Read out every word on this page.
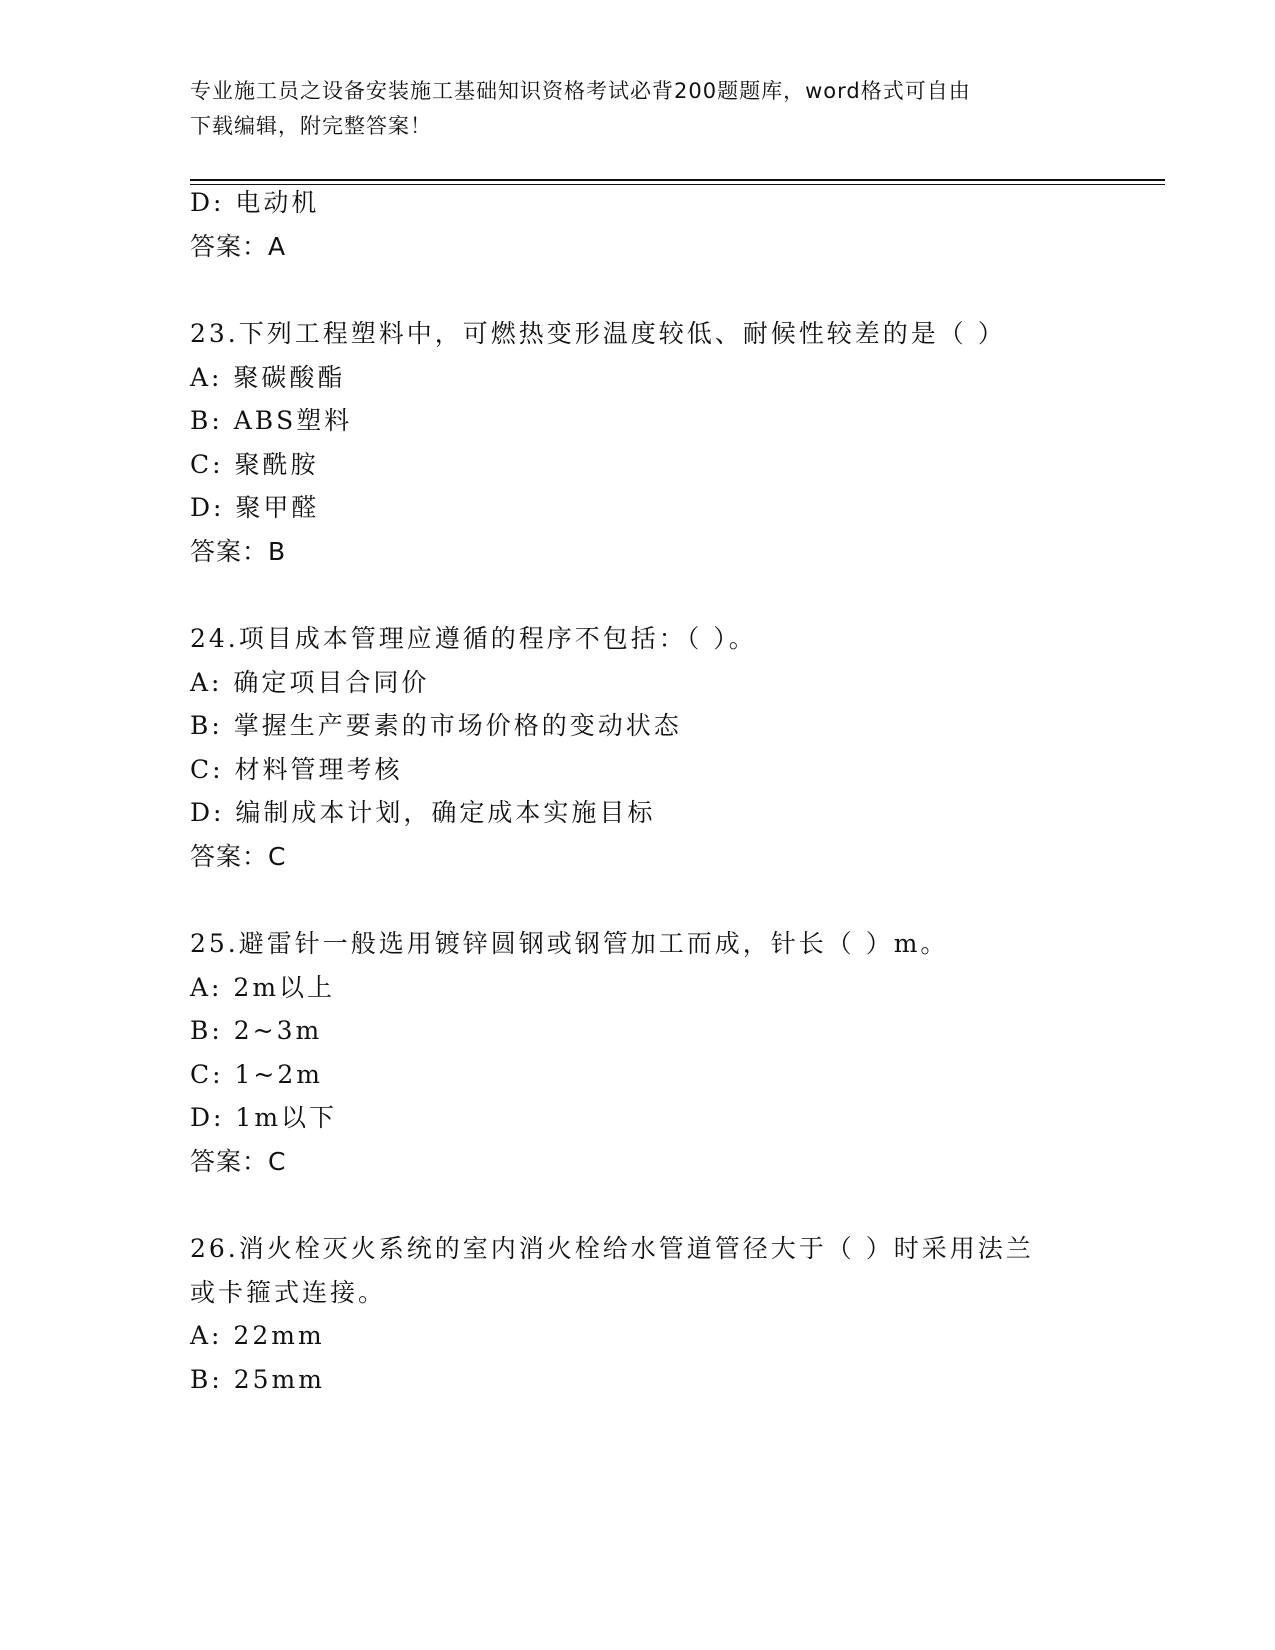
专业施工员之设备安装施工基础知识资格考试必背200题题库，word格式可自由
下载编辑，附完整答案！
D: 电动机
答案：A
23.下列工程塑料中，可燃热变形温度较低、耐候性较差的是（ ）
A: 聚碳酸酯
B: ABS塑料
C: 聚酰胺
D: 聚甲醛
答案：B
24.项目成本管理应遵循的程序不包括：（ ）。
A: 确定项目合同价
B: 掌握生产要素的市场价格的变动状态
C: 材料管理考核
D: 编制成本计划，确定成本实施目标
答案：C
25.避雷针一般选用镀锌圆钢或钢管加工而成，针长（ ）m。
A: 2m以上
B: 2~3m
C: 1~2m
D: 1m以下
答案：C
26.消火栓灭火系统的室内消火栓给水管道管径大于（ ）时采用法兰
或卡箍式连接。
A: 22mm
B: 25mm
